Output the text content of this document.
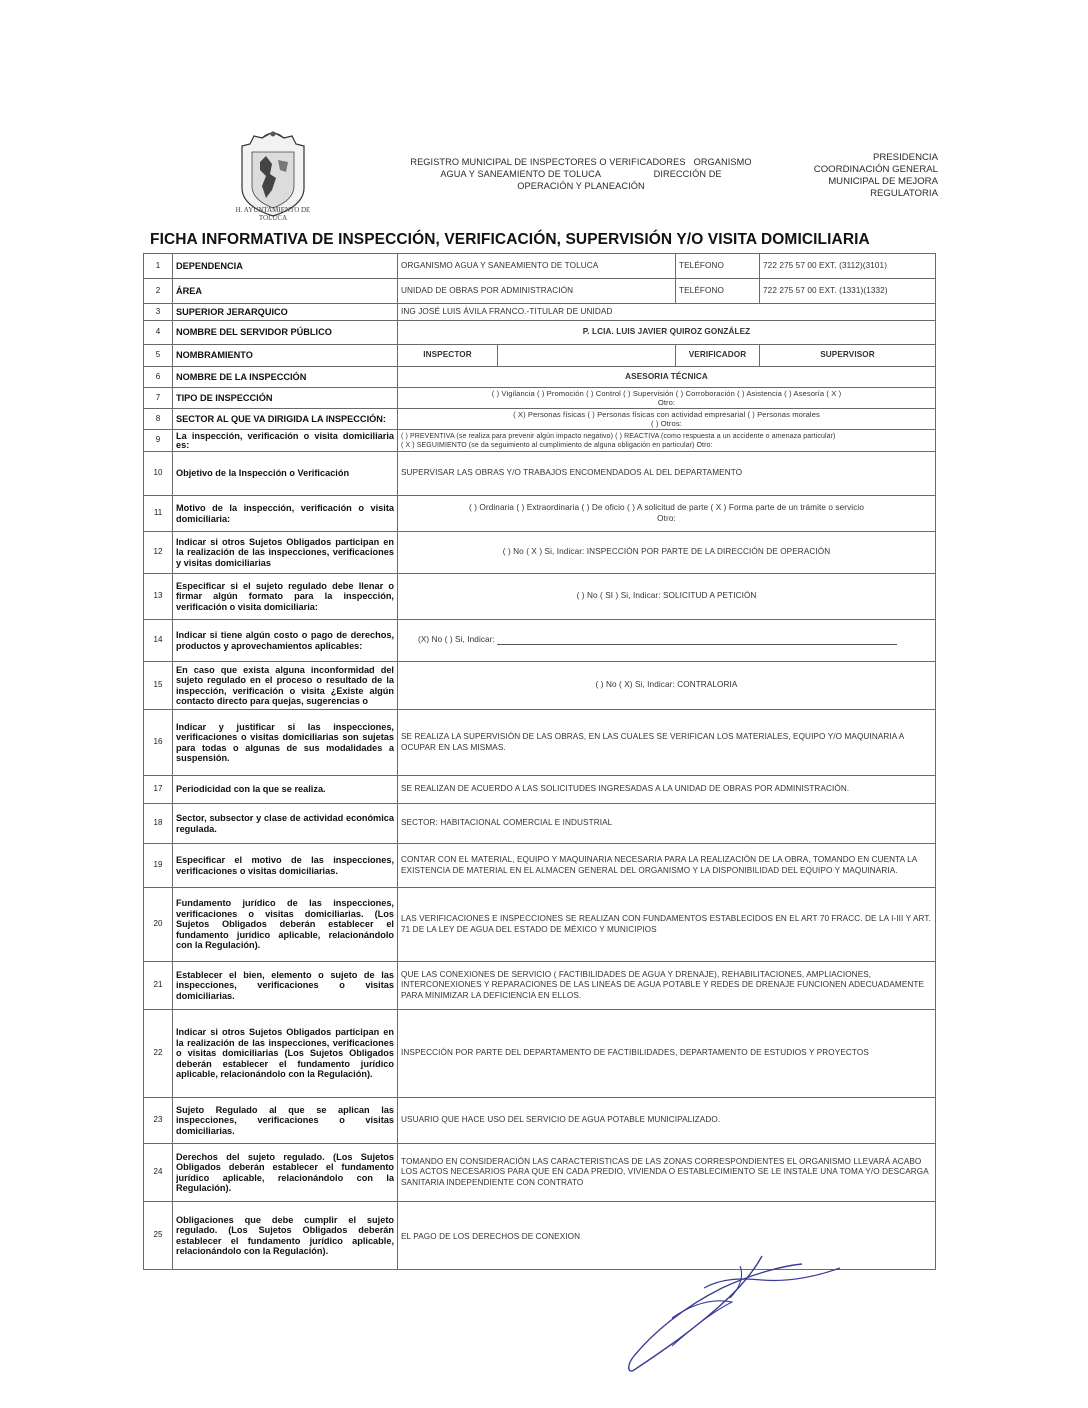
H. AYUNTAMIENTO DE TOLUCA
REGISTRO MUNICIPAL DE INSPECTORES O VERIFICADORES   ORGANISMO
AGUA Y SANEAMIENTO DE TOLUCA                    DIRECCIÓN DE
OPERACIÓN Y PLANEACIÓN
PRESIDENCIA
COORDINACIÓN GENERAL
MUNICIPAL DE MEJORA
REGULATORIA
FICHA INFORMATIVA DE INSPECCIÓN, VERIFICACIÓN, SUPERVISIÓN Y/O VISITA DOMICILIARIA
1	DEPENDENCIA	ORGANISMO AGUA Y SANEAMIENTO DE TOLUCA		TELÉFONO	722 275 57 00 EXT. (3112)(3101)
2	ÁREA	UNIDAD DE OBRAS POR ADMINISTRACIÓN		TELÉFONO	722 275 57 00 EXT. (1331)(1332)
3	SUPERIOR JERARQUICO	ING JOSÉ LUIS ÁVILA FRANCO.-TITULAR DE UNIDAD			
4	NOMBRE DEL SERVIDOR PÚBLICO	P. LCIA. LUIS JAVIER QUIROZ GONZÁLEZ			
5	NOMBRAMIENTO	INSPECTOR		VERIFICADOR	SUPERVISOR
6	NOMBRE DE LA INSPECCIÓN	ASESORIA TÉCNICA			
7	TIPO DE INSPECCIÓN	( ) Vigilancia ( ) Promoción ( ) Control ( ) Supervisión ( ) Corroboración ( ) Asistencia ( ) Asesoría ( X )
Otro:			

8	SECTOR AL QUE VA DIRIGIDA LA INSPECCIÓN:	( X) Personas físicas ( ) Personas físicas con actividad empresarial ( ) Personas morales
( ) Otros:			

9	La inspección, verificación o visita domiciliaria es:	( ) PREVENTIVA (se realiza para prevenir algún impacto negativo) ( ) REACTIVA (como respuesta a un accidente o amenaza particular)
( X ) SEGUIMIENTO (se da seguimiento al cumplimiento de alguna obligación en particular) Otro:			

10	Objetivo de la Inspección o Verificación	SUPERVISAR LAS OBRAS Y/O TRABAJOS ENCOMENDADOS AL DEL DEPARTAMENTO			
11	Motivo de la inspección, verificación o visita domiciliaria:	( ) Ordinaria ( ) Extraordinaria ( ) De oficio ( ) A solicitud de parte ( X ) Forma parte de un trámite o servicio
Otro:			

12	Indicar si otros Sujetos Obligados participan en la realización de las inspecciones, verificaciones y visitas domiciliarias	( ) No ( X ) Si, Indicar: INSPECCIÓN POR PARTE DE LA DIRECCIÓN DE OPERACIÓN			
13	Especificar si el sujeto regulado debe llenar o firmar algún formato para la inspección, verificación o visita domiciliaria:	( ) No ( SI ) Si, Indicar: SOLICITUD A PETICIÓN			
14	Indicar si tiene algún costo o pago de derechos, productos y aprovechamientos aplicables:	(X) No ( ) Si, Indicar:			
15	En caso que exista alguna inconformidad del sujeto regulado en el proceso o resultado de la inspección, verificación o visita ¿Existe algún contacto directo para quejas, sugerencias o	( ) No ( X) Si, Indicar: CONTRALORIA			
16	Indicar y justificar si las inspecciones, verificaciones o visitas domiciliarias son sujetas para todas o algunas de sus modalidades a suspensión.	SE REALIZA LA SUPERVISIÓN DE LAS OBRAS, EN LAS CUALES SE VERIFICAN LOS MATERIALES, EQUIPO Y/O MAQUINARIA A OCUPAR EN LAS MISMAS.			
17	Periodicidad con la que se realiza.	SE REALIZAN DE ACUERDO A LAS SOLICITUDES INGRESADAS A LA UNIDAD DE OBRAS POR ADMINISTRACIÓN.			
18	Sector, subsector y clase de actividad económica regulada.	SECTOR: HABITACIONAL COMERCIAL E INDUSTRIAL			
19	Especificar el motivo de las inspecciones, verificaciones o visitas domiciliarias.	CONTAR CON EL MATERIAL, EQUIPO Y MAQUINARIA NECESARIA PARA LA REALIZACIÓN DE LA OBRA, TOMANDO EN CUENTA LA EXISTENCIA DE MATERIAL EN EL ALMACEN GENERAL DEL ORGANISMO Y LA DISPONIBILIDAD DEL EQUIPO Y MAQUINARIA.			
20	Fundamento jurídico de las inspecciones, verificaciones o visitas domiciliarias. (Los Sujetos Obligados deberán establecer el fundamento jurídico aplicable, relacionándolo con la Regulación).	LAS VERIFICACIONES E INSPECCIONES SE REALIZAN CON FUNDAMENTOS ESTABLECIDOS EN EL ART 70 FRACC. DE LA I-III Y ART. 71 DE LA LEY DE AGUA DEL ESTADO DE MÉXICO Y MUNICIPIOS			
21	Establecer el bien, elemento o sujeto de las inspecciones, verificaciones o visitas domiciliarias.	QUE LAS CONEXIONES DE SERVICIO ( FACTIBILIDADES DE AGUA Y DRENAJE), REHABILITACIONES, AMPLIACIONES, INTERCONEXIONES Y REPARACIONES DE LAS LINEAS DE AGUA POTABLE Y REDES DE DRENAJE FUNCIONEN ADECUADAMENTE PARA MINIMIZAR LA DEFICIENCIA EN ELLOS.			
22	Indicar si otros Sujetos Obligados participan en la realización de las inspecciones, verificaciones o visitas domiciliarias (Los Sujetos Obligados deberán establecer el fundamento jurídico aplicable, relacionándolo con la Regulación).	INSPECCIÓN POR PARTE DEL DEPARTAMENTO DE FACTIBILIDADES, DEPARTAMENTO DE ESTUDIOS Y PROYECTOS			
23	Sujeto Regulado al que se aplican las inspecciones, verificaciones o visitas domiciliarias.	USUARIO QUE HACE USO DEL SERVICIO DE AGUA POTABLE MUNICIPALIZADO.			
24	Derechos del sujeto regulado. (Los Sujetos Obligados deberán establecer el fundamento jurídico aplicable, relacionándolo con la Regulación).	TOMANDO EN CONSIDERACIÓN LAS CARACTERISTICAS DE LAS ZONAS CORRESPONDIENTES EL ORGANISMO LLEVARÁ ACABO LOS ACTOS NECESARIOS PARA QUE EN CADA PREDIO, VIVIENDA O ESTABLECIMIENTO SE LE INSTALE UNA TOMA Y/O DESCARGA SANITARIA INDEPENDIENTE CON CONTRATO			
25	Obligaciones que debe cumplir el sujeto regulado. (Los Sujetos Obligados deberán establecer el fundamento jurídico aplicable, relacionándolo con la Regulación).	EL PAGO DE LOS DERECHOS DE CONEXION			
